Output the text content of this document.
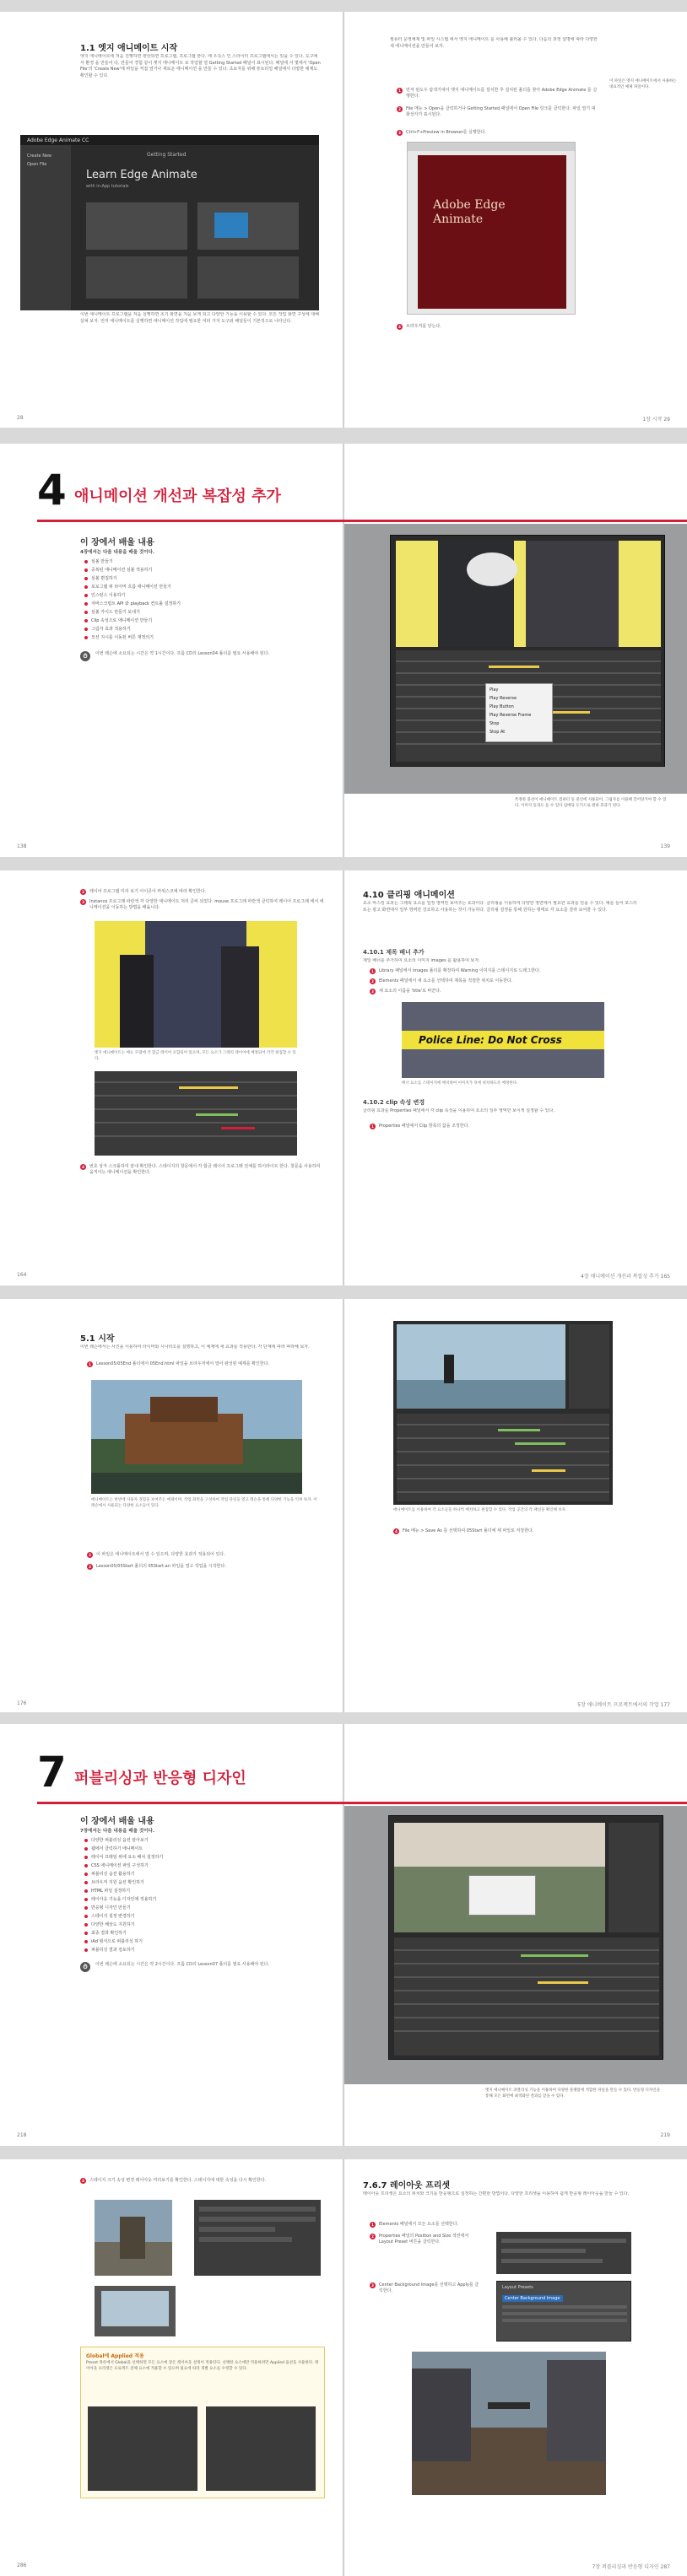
1.1 엣지 애니메이트 시작
엣지 애니메이트에 처음 진행하면 향상되면 프로그램, 프로그램 한다. 에 우측스 인 스라이터 프로그램에서는 있을 수 있다. 도구에서 환경 을 만들어 다, 만들어 경험 같이 엣지 애니메이트 보 작업할 열 Getting Started 패널이 표시된다. 패널에 서 몇에서 'Open File'의 'Create New'에 파일을 직접 열거나 새로운 애니메이션 을 만들 수 있다. 초보자를 위해 튜토리얼 패널에서 다양한 예제도 확인할 수 있다.
Adobe Edge Animate CC
Create New
Open File
Getting Started
Learn Edge Animate
with in-App tutorials
이번 애니메이트 프로그램을 처음 실행하면 초기 화면을 처음 보게 되고 다양한 기능을 이용할 수 있다. 모든 작업 화면 구성에 대해 살펴 보자. 먼저 애니메이트를 실행하면 애니메이션 작업에 필요한 여러 가지 도구와 패널들이 기본적으로 나타난다.
28
컴퓨터 운영체제 및 파일 시스템 에서 엣지 애니메이트 를 사용해 불러올 수 있다. 다음의 과정 설명에 따라 다양한 새 애니메이션을 만들어 보자.
1	먼저 윈도우 탐색기에서 엣지 애니메이트를 설치한 후 설치된 폴더를 찾아 Adobe Edge Animate 를 실행한다.
2	File 메뉴 > Open을 클릭하거나 Getting Started 패널에서 Open File 링크를 클릭한다. 파일 열기 대화상자가 표시된다.
3	Ctrl+F+Preview in Browser를 실행한다.
이 파일은 엣지 애니메이트에서 사용하는 대표적인 예제 파일이다.
Adobe Edge Animate
4	브라우저를 닫는다.
1장 시작 29
4 애니메이션 개선과 복잡성 추가
이 장에서 배울 내용
4장에서는 다음 내용을 배울 것이다.
심볼 만들기
중복된 애니메이션 심볼 적용하기
심볼 편집하기
포로그램 위 타이머 흐름 애니메이션 만들기
인스턴스 이용하기
자바스크립트 API 와 playback 컨트롤 설정하기
심볼 가이드 만들기 보내기
Clip 속성으로 애니메이션 만들기
그림자 효과 적용하기
모션 지시를 이동된 버튼 재정의기
⏱	이번 레슨에 소요되는 시간은 약 1시간이다. 프롬 CD의 Lesson04 폴더를 필요 사용해야 된다.
Play
Play Reverse
Play Button
Play Reverse Frame
Stop
Stop At
특정한 풍선이 애니메이트 컴퓨터 등 중인에 사용되어, 그림자를 이용해 끌어당겨야 할 수 있다. 이미지 등과도 등 수 있다 임베딩 도키드로 원하 효과가 된다.
138	139
2	레이어 프로그램 미리 보기 아이콘이 마위스코에 따라 확인한다.
3	Instance 프로그래 파란색 각 다양한 애니메이트 처리 준비 되었다. mouse 프로그래 파란색 클릭하여 레이어 프로그래 에서 애니메이션을 이동하는 방법을 배웁니다.
엣지 애니메이트는 매뉴 모델에 각 합금 레이어 포함되어 있으며, 모든 요소가 그래픽 레이어에 배정되어 각각 편집할 수 있다.
4	번호 상자 스크롤하여 끝내 확인한다. 스테이지의 창문에서 각 합금 레이어 프로그래 전체를 하이라이트 한다. 창문을 사용하여 움직이는 애니메이션을 확인한다.
164
4.10 클리핑 애니메이션
요소 마스킹 효과는 그래픽 요소를 일정 영역만 보여주는 효과이다. 클리핑을 이용하여 다양한 장면에서 필요한 효과를 얻을 수 있다. 예를 들어 포스터 또는 광고 화면에서 일부 영역만 강조하고 사용하는 것이 가능하다. 클리핑 설정을 통해 원하는 형태로 각 요소를 잘라 보여줄 수 있다.
4.10.1 제목 배너 추가
제일 배너를 추가하여 요소의 이미지 images 를 활용하여 보자.
1	Library 패널에서 images 폴더를 확장하여 Warning 이미지를 스테이지로 드래그한다.
2	Elements 패널에서 새 요소를 선택하여 제목을 적절한 위치로 이동한다.
3	새 요소의 이름을 'title'로 바꾼다.
Police Line: Do Not Cross
배너 요소를 스테이지에 배치하여 이미지가 뒤에 위치하도록 배정한다.
4.10.2 clip 속성 변경
클리핑 효과를 Properties 패널에서 각 clip 속성을 이용하여 요소의 일부 영역만 보이게 설정할 수 있다.
1	Properties 패널에서 Clip 항목의 값을 조정한다.
4장 애니메이션 개선과 복잡성 추가 165
5.1 시작
이번 레슨에서는 사진을 이용하여 타이머와 시나리오를 설명하고, 이 예제에 새 효과를 적용한다. 각 단계에 따라 따라해 보자.
1	Lesson05/05End 폴더에서 05End.html 파일을 브라우저에서 열어 완성된 예제를 확인한다.
애니메이트는 한번에 사용자 경험을 보여주는 예제이며, 작업 화면을 구성하여 작업 파일을 열고 레슨을 통해 다양한 기능을 익혀 보자. 이 레슨에서 사용되는 다양한 요소들이 있다.
2	이 파일은 애니메이트에서 열 수 있으며, 다양한 효과가 적용되어 있다.
3	Lesson05/05Start 폴더의 05Start.an 파일을 열고 작업을 시작한다.
176
애니메이트를 이용하여 각 요소들을 하나씩 배치하고 편집할 수 있다. 작업 공간의 각 패널을 확인해 보자.
4	File 메뉴 > Save As 를 선택하여 05Start 폴더에 새 파일로 저장한다.
5장 애니메이트 프로젝트에서의 작업 177
7 퍼블리싱과 반응형 디자인
이 장에서 배울 내용
7장에서는 다음 내용을 배울 것이다.
다양한 퍼블리싱 옵션 알아보기
웹에서 클릭하기 애니메이트
레이어 프레임 위에 요소 배치 설정하기
CSS 애니메이션 파일 구성하기
퍼블리싱 옵션 활용하기
브라우저 지원 옵션 확인하기
HTML 파일 설정하기
레이아웃 기능을 디자인에 적용하기
반응형 디자인 만들기
스테이지 설정 변경하기
다양한 해상도 지원하기
최종 결과 확인하기
iAd 형식으로 퍼블리싱 하기
퍼블리싱 결과 검토하기
⏱	이번 레슨에 소요되는 시간은 약 2시간이다. 프롬 CD의 Lesson07 폴더를 필요 사용해야 된다.
엣지 애니메이트 퍼블리싱 기능을 이용하여 다양한 플랫폼에 적합한 파일을 만들 수 있다. 반응형 디자인을 통해 모든 화면에 최적화된 결과를 얻을 수 있다.
218	219
4	스테이지 크기 속성 변경 레이아웃 미리보기를 확인한다. 스테이지에 대한 속성을 다시 확인한다.
Global에 Applied 적용
Preset 목록에서 Global을 선택하면 모든 요소에 같은 레이아웃 설정이 적용된다. 선택한 요소에만 적용하려면 Applied 옵션을 사용한다. 레이아웃 프리셋은 프로젝트 전체 요소에 적용할 수 있으며 필요에 따라 개별 요소를 수정할 수 있다.
286
7.6.7 레이아웃 프리셋
레이아웃 프리셋은 요소의 위치와 크기를 반응형으로 설정하는 간편한 방법이다. 다양한 프리셋을 이용하여 쉽게 반응형 레이아웃을 만들 수 있다.
1	Elements 패널에서 모든 요소를 선택한다.
2	Properties 패널의 Position and Size 섹션에서 Layout Preset 버튼을 클릭한다.
3	Center Background Image를 선택하고 Apply를 클릭한다.
Layout Presets
Center Background Image
7장 퍼블리싱과 반응형 디자인 287
